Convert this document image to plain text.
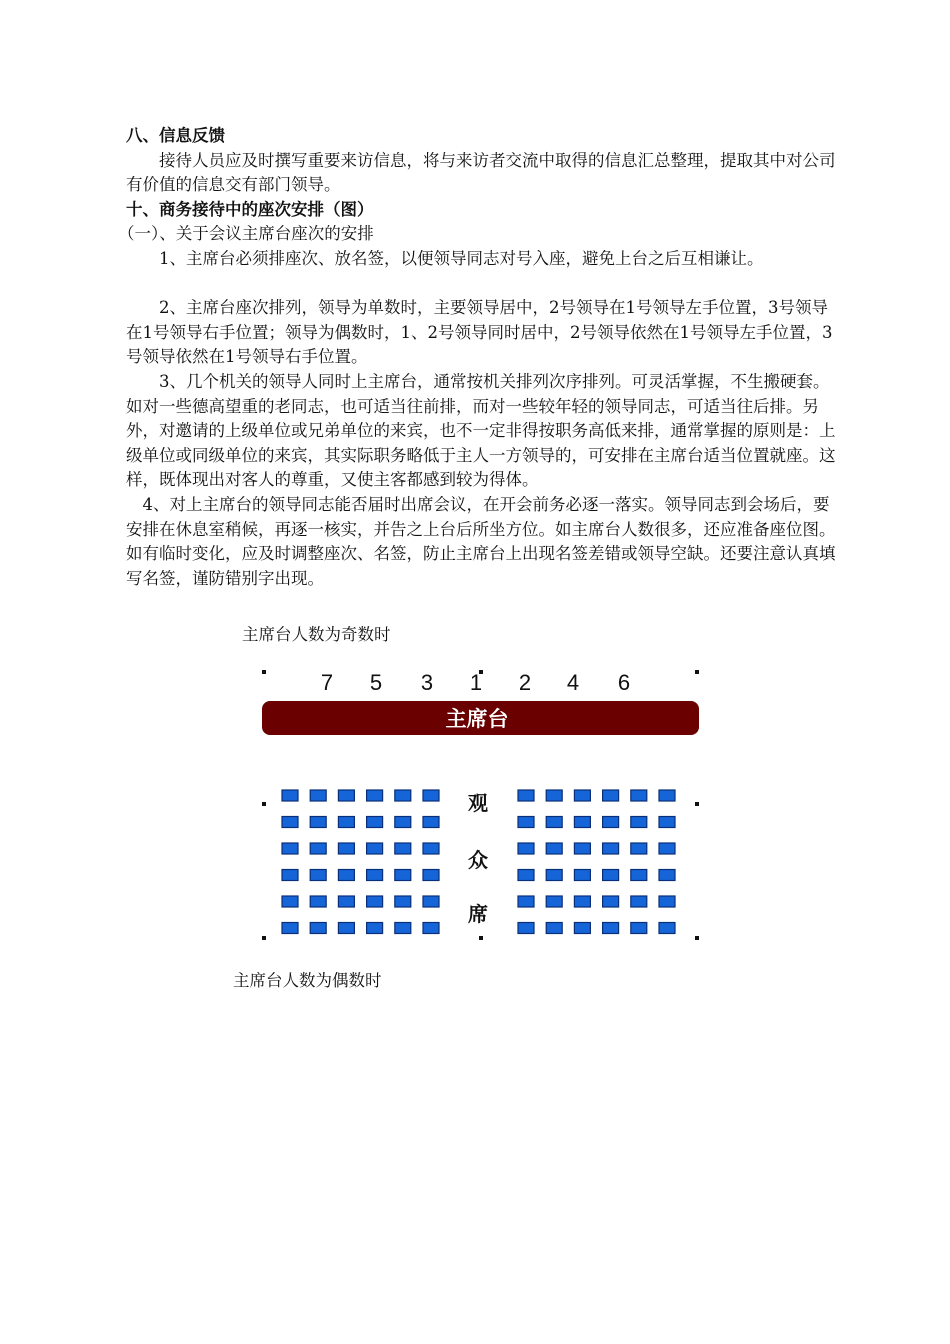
八、信息反馈

接待人员应及时撰写重要来访信息，将与来访者交流中取得的信息汇总整理，提取其中对公司有价值的信息交有部门领导。

十、商务接待中的座次安排（图）

（一）、关于会议主席台座次的安排

1、主席台必须排座次、放名签，以便领导同志对号入座，避免上台之后互相谦让。

2、主席台座次排列，领导为单数时，主要领导居中，2号领导在1号领导左手位置，3号领导在1号领导右手位置；领导为偶数时，1、2号领导同时居中，2号领导依然在1号领导左手位置，3号领导依然在1号领导右手位置。

3、几个机关的领导人同时上主席台，通常按机关排列次序排列。可灵活掌握，不生搬硬套。如对一些德高望重的老同志，也可适当往前排，而对一些较年轻的领导同志，可适当往后排。另外，对邀请的上级单位或兄弟单位的来宾，也不一定非得按职务高低来排，通常掌握的原则是：上级单位或同级单位的来宾，其实际职务略低于主人一方领导的，可安排在主席台适当位置就座。这样，既体现出对客人的尊重，又使主客都感到较为得体。

4、对上主席台的领导同志能否届时出席会议，在开会前务必逐一落实。领导同志到会场后，要安排在休息室稍候，再逐一核实，并告之上台后所坐方位。如主席台人数很多，还应准备座位图。如有临时变化，应及时调整座次、名签，防止主席台上出现名签差错或领导空缺。还要注意认真填写名签，谨防错别字出现。

主席台人数为奇数时
7 5 3 1 2 4 6
主席台
观
众
席
主席台人数为偶数时
